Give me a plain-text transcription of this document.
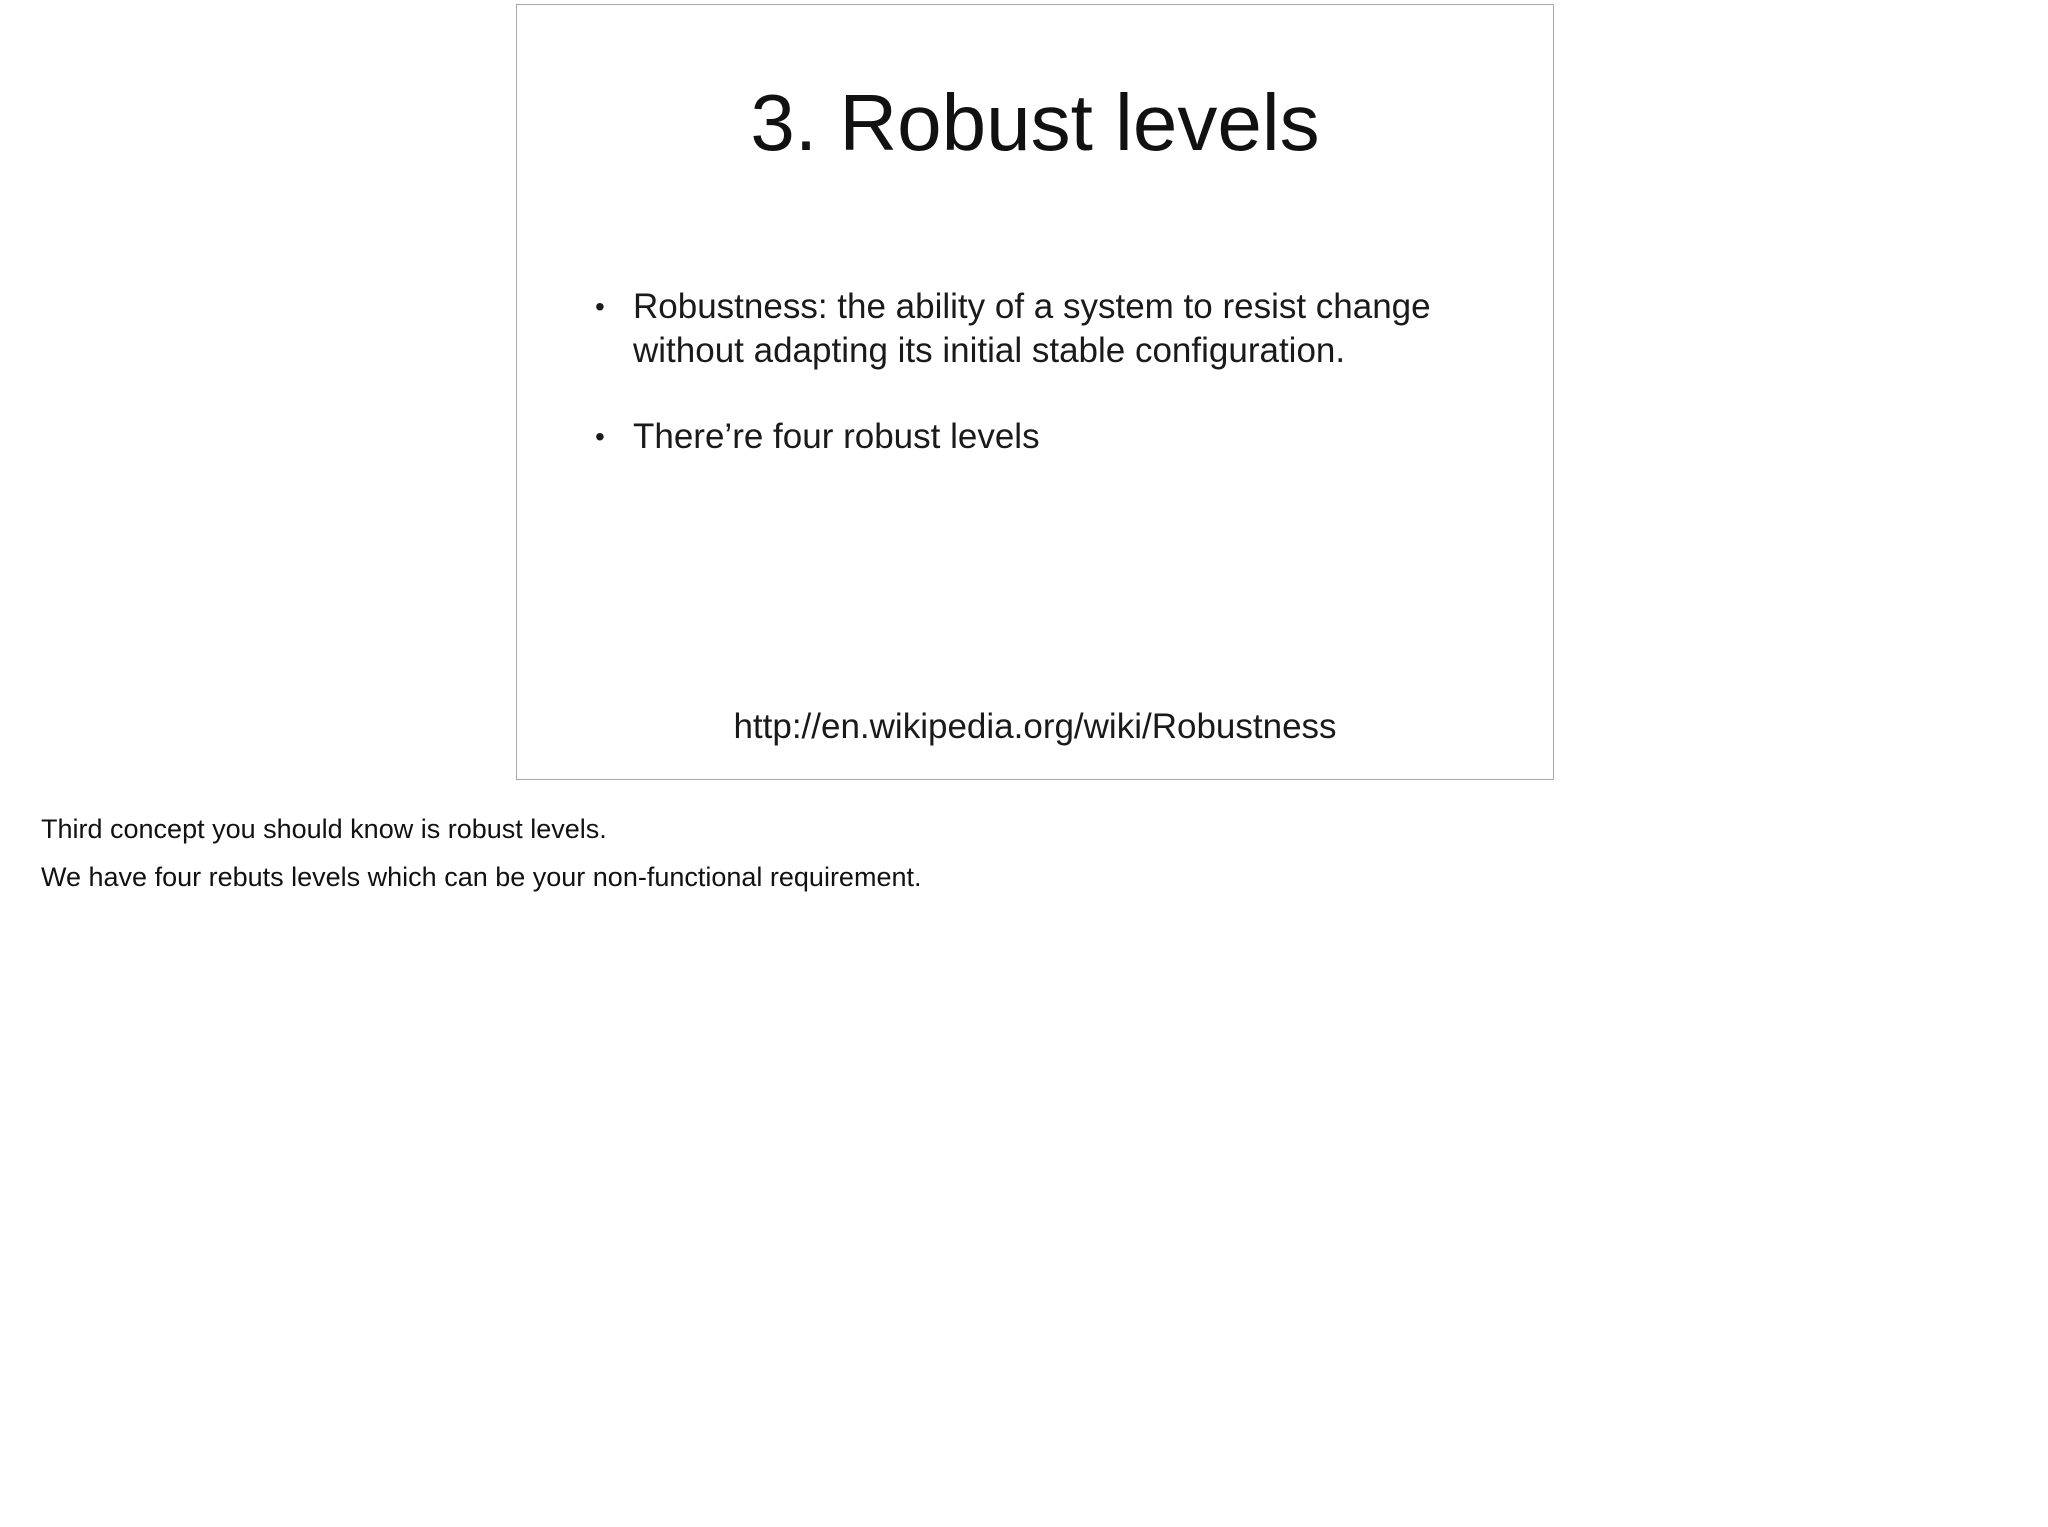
3. Robust levels
• Robustness: the ability of a system to resist change
without adapting its initial stable configuration.
• There’re four robust levels
http://en.wikipedia.org/wiki/Robustness

Third concept you should know is robust levels.

We have four rebuts levels which can be your non-functional requirement.
